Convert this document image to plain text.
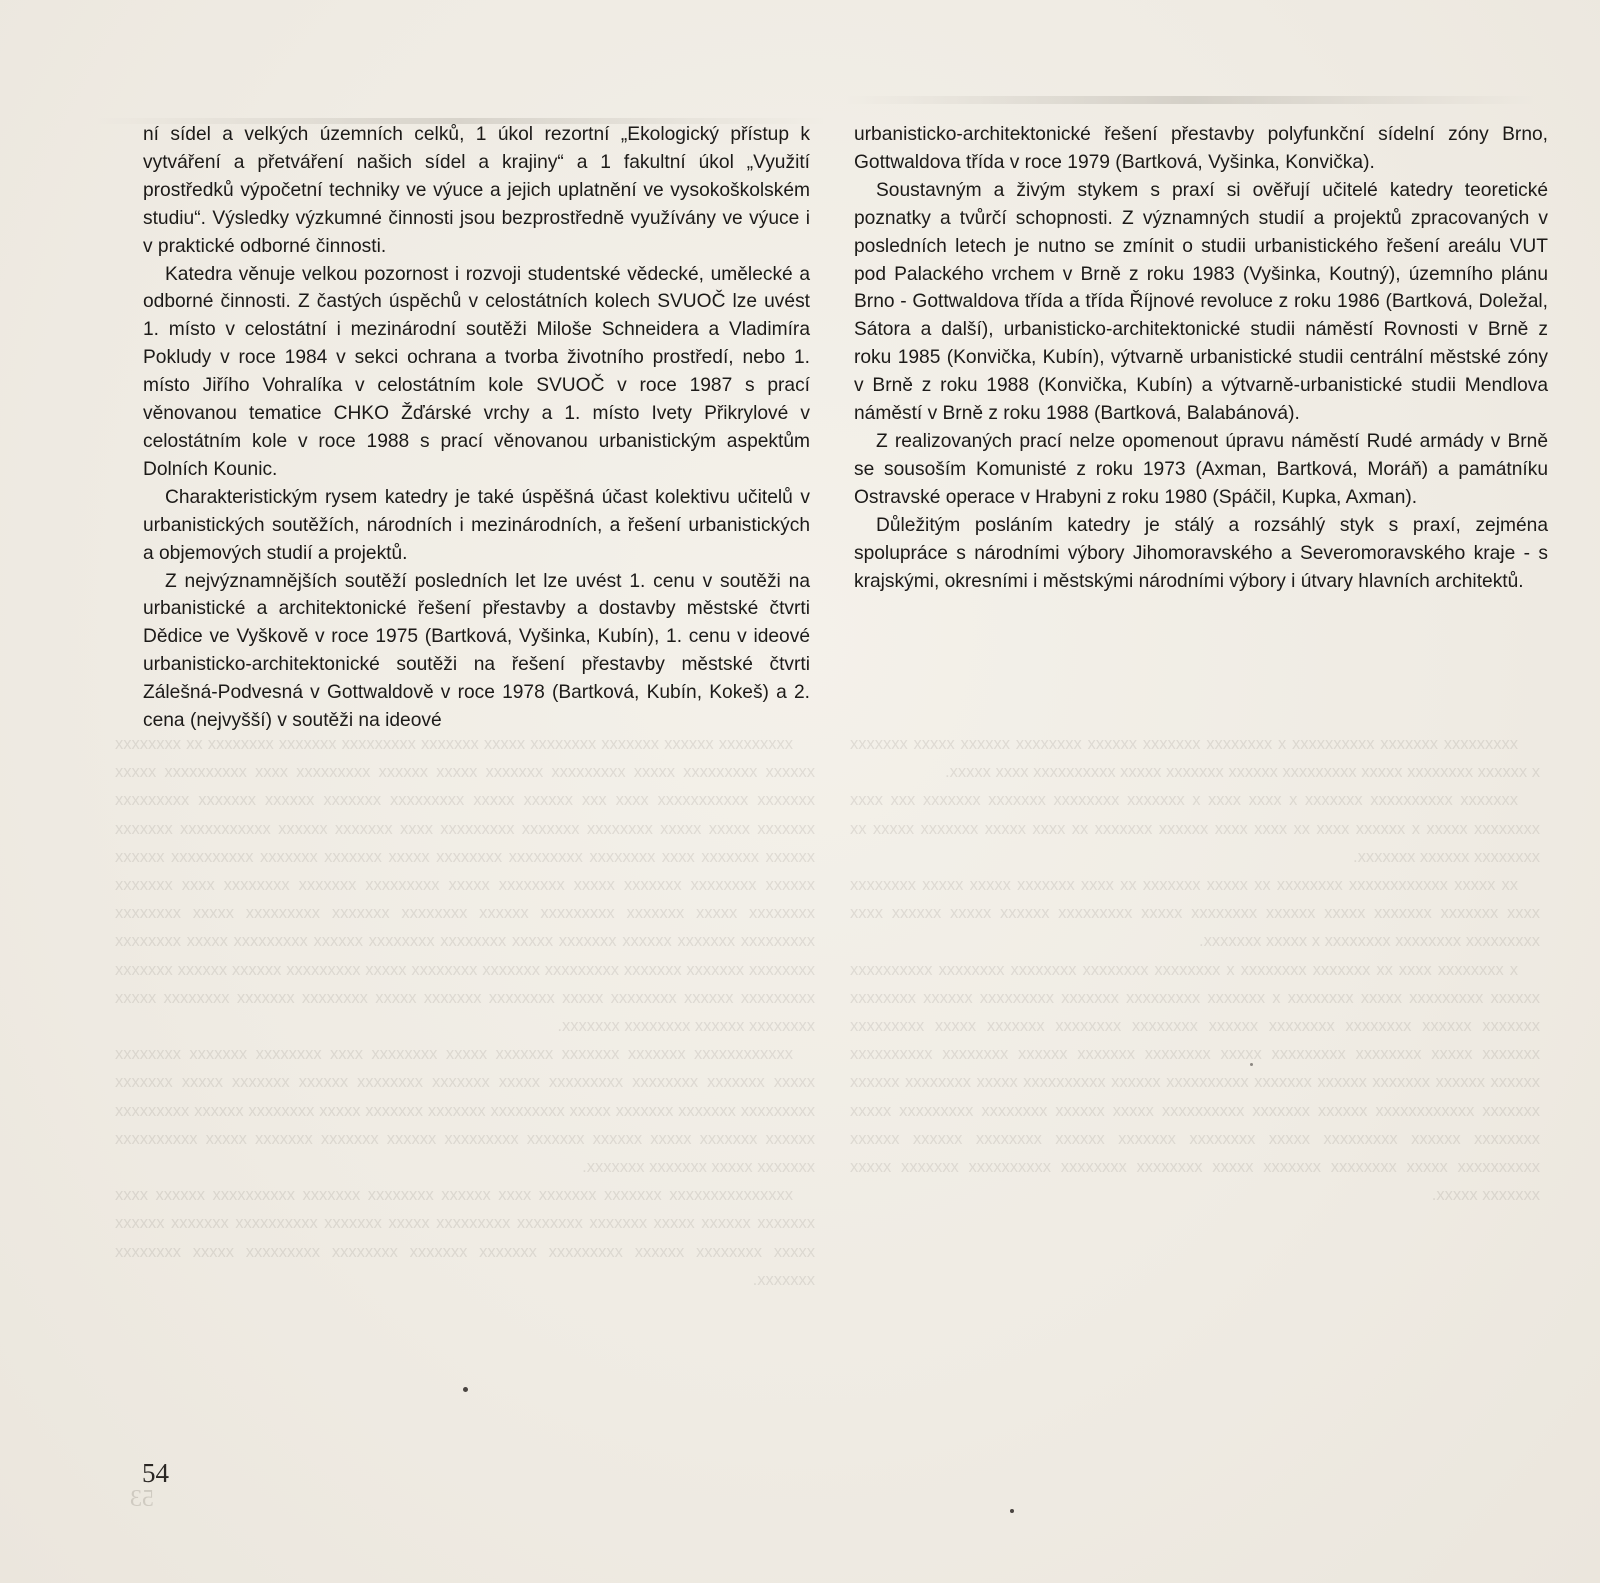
xxxxxxxxx xxxxxx xxxxxxx xxxxxxxx xxxxx xxxxxxx xxxxxxxxx xxxxxxx xxxxxxxx xx xxxxxxxx xxxxxx xxxxxxxxx xxxxx xxxxxxxxx xxxxxxx xxxxx xxxxxx xxxxxxxxx xxxx xxxxxxxxxx xxxxx xxxxxxx xxxxxxxxxxx xxxx xxx xxxxxx xxxxx xxxxxxxxx xxxxxxx xxxxxx xxxxxxx xxxxxxxxx xxxxxxx xxxxx xxxxx xxxxxxxx xxxxxxx xxxxxxxxx xxxx xxxxxxx xxxxxx xxxxxxxxxxx xxxxxxx xxxxxx xxxxxxx xxxx xxxxxxxx xxxxxxxxx xxxxxxxx xxxxx xxxxxxx xxxxxxx xxxxxxxxxx xxxxxx xxxxxx xxxxxxxx xxxxxxx xxxxx xxxxxxxx xxxxx xxxxxxxxx xxxxxxx xxxxxxxx xxxx xxxxxxx xxxxxxxx xxxxx xxxxxxx xxxxxxxxx xxxxxx xxxxxxxx xxxxxxx xxxxxxxxx xxxxx xxxxxxxx xxxxxxxxx xxxxxxx xxxxxx xxxxxxx xxxxx xxxxxxxx xxxxxxxx xxxxxx xxxxxxxxx xxxxx xxxxxxxx xxxxxxxx xxxxxxx xxxxxxx xxxxxxxxx xxxxxxx xxxxxxxx xxxxx xxxxxxxxx xxxxxx xxxxxx xxxxxxx xxxxxxxxx xxxxxx xxxxxxxx xxxxx xxxxxxxx xxxxxxx xxxxx xxxxxxxx xxxxxxx xxxxxxxx xxxxx xxxxxxxx xxxxxx xxxxxxxx xxxxxxx.

xxxxxxxxxxxx xxxxxxx xxxxxxx xxxxxxx xxxxx xxxxxxxx xxxx xxxxxxxx xxxxxxx xxxxxxxx xxxxx xxxxxxx xxxxxxxx xxxxxxxxx xxxxx xxxxxxx xxxxxxxx xxxxxx xxxxxxx xxxxx xxxxxxx xxxxxxxxx xxxxxxx xxxxxxx xxxxx xxxxxxxxx xxxxxxx xxxxxxx xxxxx xxxxxxxx xxxxxx xxxxxxxxx xxxxxx xxxxxxx xxxxx xxxxxx xxxxxxx xxxxxxxxx xxxxxx xxxxxxx xxxxxxx xxxxx xxxxxxxxxx xxxxxxx xxxxx xxxxxxx xxxxxxx.

xxxxxxxxxxxxxxx xxxxxxx xxxxxxx xxxx xxxxxx xxxxxxxx xxxxxxx xxxxxxxxxx xxxxxx xxxx xxxxxxx xxxxxx xxxxx xxxxxxx xxxxxxxx xxxxxxxxx xxxxx xxxxxxx xxxxxxxxxx xxxxxxx xxxxxx xxxxx xxxxxxxx xxxxxx xxxxxxxxx xxxxxxx xxxxxxx xxxxxxxx xxxxxxxxx xxxxx xxxxxxxx xxxxxxx.

xxxxxxxxx xxxxxxx xxxxxxxxxx x xxxxxxxx xxxxxxx xxxxxx xxxxxxxx xxxxxx xxxxx xxxxxxx x xxxxxx xxxxxxxx xxxxx xxxxxxxxx xxxxxx xxxxxxx xxxxx xxxxxxxxxx xxxx xxxxx.

xxxxxxx xxxxxxxxxx xxxxxxx x xxxx xxxx x xxxxxxx xxxxxxxx xxxxxxx xxxxxxx xxx xxxx xxxxxxxx xxxxx x xxxxxx xxxx xx xxxx xxxx xxxxxx xxxxxxx xx xxxx xxxxx xxxxxxx xxxxx xx xxxxxxxx xxxxxx xxxxxxx.

xx xxxxx xxxxxxxxxxxx xxxxxxxx xx xxxxx xxxxxxx xx xxxx xxxxxxx xxxxx xxxxx xxxxxxxx xxxx xxxxxxx xxxxxxx xxxxx xxxxxx xxxxxxxx xxxxx xxxxxxxxx xxxxxx xxxxx xxxxxx xxxx xxxxxxxxx xxxxxxxx xxxxxxxx x xxxxx xxxxxxx.

x xxxxxxxx xxxx xx xxxxxxx xxxxxxxx x xxxxxxxx xxxxxxxx xxxxxxxx xxxxxxxx xxxxxxxxxx xxxxxx xxxxxxxxx xxxxx xxxxxxxx x xxxxxxx xxxxxxxxx xxxxxxx xxxxxxxxx xxxxxx xxxxxxxx xxxxxxx xxxxxx xxxxxxxx xxxxxxxx xxxxxx xxxxxxxx xxxxxxxx xxxxxxx xxxxx xxxxxxxxx xxxxxxx xxxxx xxxxxxxx xxxxxxxxx xxxxx xxxxxxxx xxxxxxx xxxxxx xxxxxxxx xxxxxxxxxx xxxxxx xxxxxx xxxxxxx xxxxxx xxxxxxx xxxxxxxxxx xxxxxx xxxxxxxxxx xxxxx xxxxxxxx xxxxxx xxxxxxx xxxxxxxxxxxx xxxxxx xxxxxxx xxxxxxxxxx xxxxx xxxxxx xxxxxxxx xxxxxxxxx xxxxx xxxxxxxx xxxxxx xxxxxxxxx xxxxx xxxxxxxx xxxxxxx xxxxxx xxxxxxxx xxxxxx xxxxxx xxxxxxxxxx xxxxx xxxxxxxx xxxxxxx xxxxx xxxxxxxx xxxxxxxx xxxxxxxxxx xxxxxxx xxxxx xxxxxxx xxxxx.

ní sídel a velkých územních celků, 1 úkol rezortní „Ekologický přístup k vytváření a přetváření našich sídel a krajiny“ a 1 fakultní úkol „Využití prostředků výpočetní techniky ve výuce a jejich uplatnění ve vysokoškolském studiu“. Výsledky výzkumné činnosti jsou bezprostředně využívány ve výuce i v praktické odborné činnosti.

Katedra věnuje velkou pozornost i rozvoji studentské vědecké, umělecké a odborné činnosti. Z častých úspěchů v celostátních kolech SVUOČ lze uvést 1. místo v celostátní i mezinárodní soutěži Miloše Schneidera a Vladimíra Pokludy v roce 1984 v sekci ochrana a tvorba životního prostředí, nebo 1. místo Jiřího Vohralíka v celostátním kole SVUOČ v roce 1987 s prací věnovanou tematice CHKO Žďárské vrchy a 1. místo Ivety Přikrylové v celostátním kole v roce 1988 s prací věnovanou urbanistickým aspektům Dolních Kounic.

Charakteristickým rysem katedry je také úspěšná účast kolektivu učitelů v urbanistických soutěžích, národních i mezinárodních, a řešení urbanistických a objemových studií a projektů.

Z nejvýznamnějších soutěží posledních let lze uvést 1. cenu v soutěži na urbanistické a architektonické řešení přestavby a dostavby městské čtvrti Dědice ve Vyškově v roce 1975 (Bartková, Vyšinka, Kubín), 1. cenu v ideové urbanisticko-architektonické soutěži na řešení přestavby městské čtvrti Zálešná-Podvesná v Gottwaldově v roce 1978 (Bartková, Kubín, Kokeš) a 2. cena (nejvyšší) v soutěži na ideové

urbanisticko-architektonické řešení přestavby polyfunkční sídelní zóny Brno, Gottwaldova třída v roce 1979 (Bartková, Vyšinka, Konvička).

Soustavným a živým stykem s praxí si ověřují učitelé katedry teoretické poznatky a tvůrčí schopnosti. Z významných studií a projektů zpracovaných v posledních letech je nutno se zmínit o studii urbanistického řešení areálu VUT pod Palackého vrchem v Brně z roku 1983 (Vyšinka, Koutný), územního plánu Brno - Gottwaldova třída a třída Říjnové revoluce z roku 1986 (Bartková, Doležal, Sátora a další), urbanisticko-architektonické studii náměstí Rovnosti v Brně z roku 1985 (Konvička, Kubín), výtvarně urbanistické studii centrální městské zóny v Brně z roku 1988 (Konvička, Kubín) a výtvarně-urbanistické studii Mendlova náměstí v Brně z roku 1988 (Bartková, Balabánová).

Z realizovaných prací nelze opomenout úpravu náměstí Rudé armády v Brně se sousoším Komunisté z roku 1973 (Axman, Bartková, Moráň) a památníku Ostravské operace v Hrabyni z roku 1980 (Spáčil, Kupka, Axman).

Důležitým posláním katedry je stálý a rozsáhlý styk s praxí, zejména spolupráce s národními výbory Jihomoravského a Severomoravského kraje - s krajskými, okresními i městskými národními výbory i útvary hlavních architektů.

54
53
